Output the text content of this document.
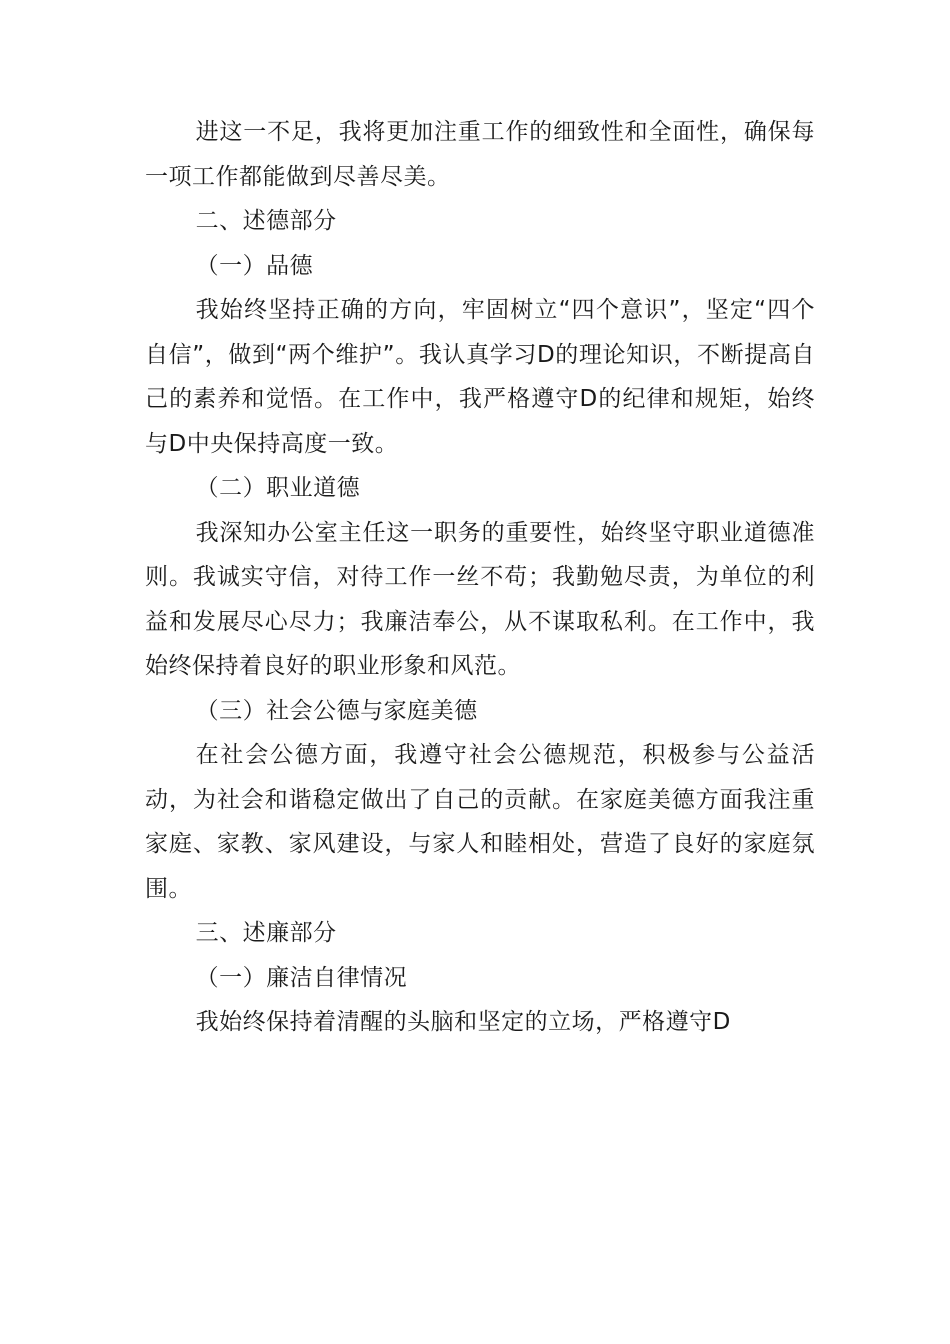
进这一不足，我将更加注重工作的细致性和全面性，确保每一项工作都能做到尽善尽美。

二、述德部分

（一）品德

我始终坚持正确的方向，牢固树立“四个意识”，坚定“四个自信”，做到“两个维护”。我认真学习D的理论知识，不断提高自己的素养和觉悟。在工作中，我严格遵守D的纪律和规矩，始终与D中央保持高度一致。

（二）职业道德

我深知办公室主任这一职务的重要性，始终坚守职业道德准则。我诚实守信，对待工作一丝不苟；我勤勉尽责，为单位的利益和发展尽心尽力；我廉洁奉公，从不谋取私利。在工作中，我始终保持着良好的职业形象和风范。

（三）社会公德与家庭美德

在社会公德方面，我遵守社会公德规范，积极参与公益活动，为社会和谐稳定做出了自己的贡献。在家庭美德方面我注重家庭、家教、家风建设，与家人和睦相处，营造了良好的家庭氛围。

三、述廉部分

（一）廉洁自律情况

我始终保持着清醒的头脑和坚定的立场，严格遵守D
